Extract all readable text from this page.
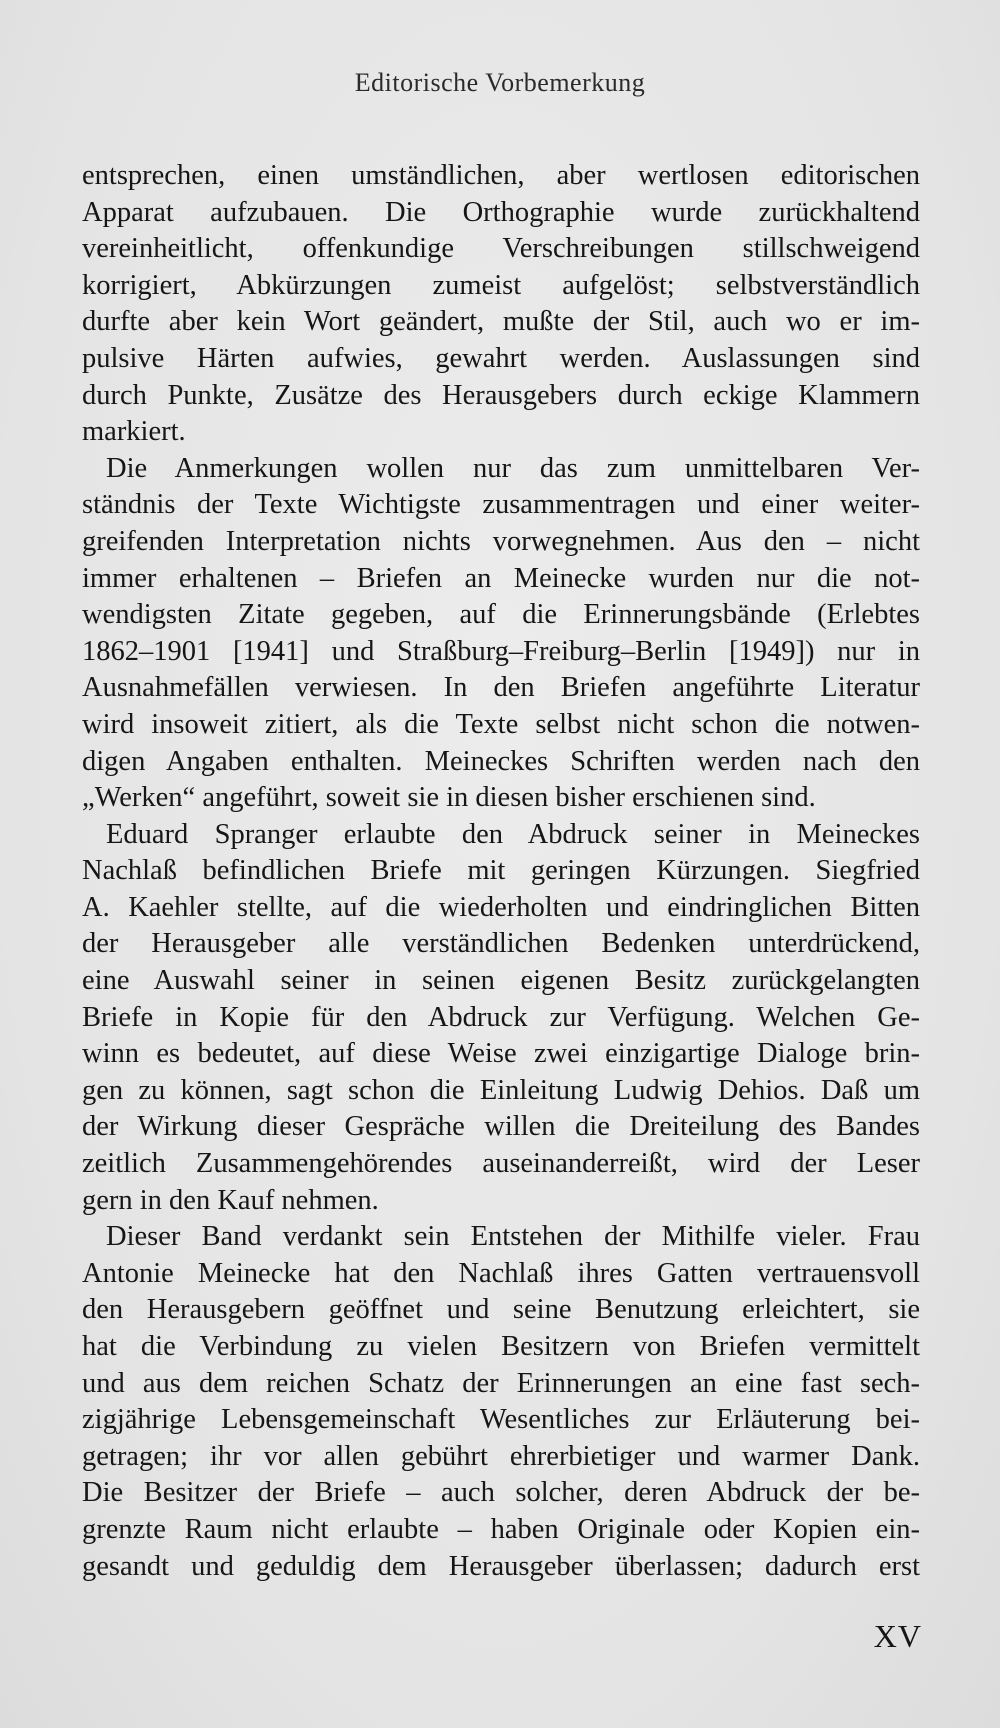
Editorische Vorbemerkung
entsprechen, einen umständlichen, aber wertlosen editorischen
Apparat aufzubauen. Die Orthographie wurde zurückhaltend
vereinheitlicht, offenkundige Verschreibungen stillschweigend
korrigiert, Abkürzungen zumeist aufgelöst; selbstverständlich
durfte aber kein Wort geändert, mußte der Stil, auch wo er im-
pulsive Härten aufwies, gewahrt werden. Auslassungen sind
durch Punkte, Zusätze des Herausgebers durch eckige Klammern
markiert.
Die Anmerkungen wollen nur das zum unmittelbaren Ver-
ständnis der Texte Wichtigste zusammentragen und einer weiter-
greifenden Interpretation nichts vorwegnehmen. Aus den – nicht
immer erhaltenen – Briefen an Meinecke wurden nur die not-
wendigsten Zitate gegeben, auf die Erinnerungsbände (Erlebtes
1862–1901 [1941] und Straßburg–Freiburg–Berlin [1949]) nur in
Ausnahmefällen verwiesen. In den Briefen angeführte Literatur
wird insoweit zitiert, als die Texte selbst nicht schon die notwen-
digen Angaben enthalten. Meineckes Schriften werden nach den
„Werken“ angeführt, soweit sie in diesen bisher erschienen sind.
Eduard Spranger erlaubte den Abdruck seiner in Meineckes
Nachlaß befindlichen Briefe mit geringen Kürzungen. Siegfried
A. Kaehler stellte, auf die wiederholten und eindringlichen Bitten
der Herausgeber alle verständlichen Bedenken unterdrückend,
eine Auswahl seiner in seinen eigenen Besitz zurückgelangten
Briefe in Kopie für den Abdruck zur Verfügung. Welchen Ge-
winn es bedeutet, auf diese Weise zwei einzigartige Dialoge brin-
gen zu können, sagt schon die Einleitung Ludwig Dehios. Daß um
der Wirkung dieser Gespräche willen die Dreiteilung des Bandes
zeitlich Zusammengehörendes auseinanderreißt, wird der Leser
gern in den Kauf nehmen.
Dieser Band verdankt sein Entstehen der Mithilfe vieler. Frau
Antonie Meinecke hat den Nachlaß ihres Gatten vertrauensvoll
den Herausgebern geöffnet und seine Benutzung erleichtert, sie
hat die Verbindung zu vielen Besitzern von Briefen vermittelt
und aus dem reichen Schatz der Erinnerungen an eine fast sech-
zigjährige Lebensgemeinschaft Wesentliches zur Erläuterung bei-
getragen; ihr vor allen gebührt ehrerbietiger und warmer Dank.
Die Besitzer der Briefe – auch solcher, deren Abdruck der be-
grenzte Raum nicht erlaubte – haben Originale oder Kopien ein-
gesandt und geduldig dem Herausgeber überlassen; dadurch erst
XV
